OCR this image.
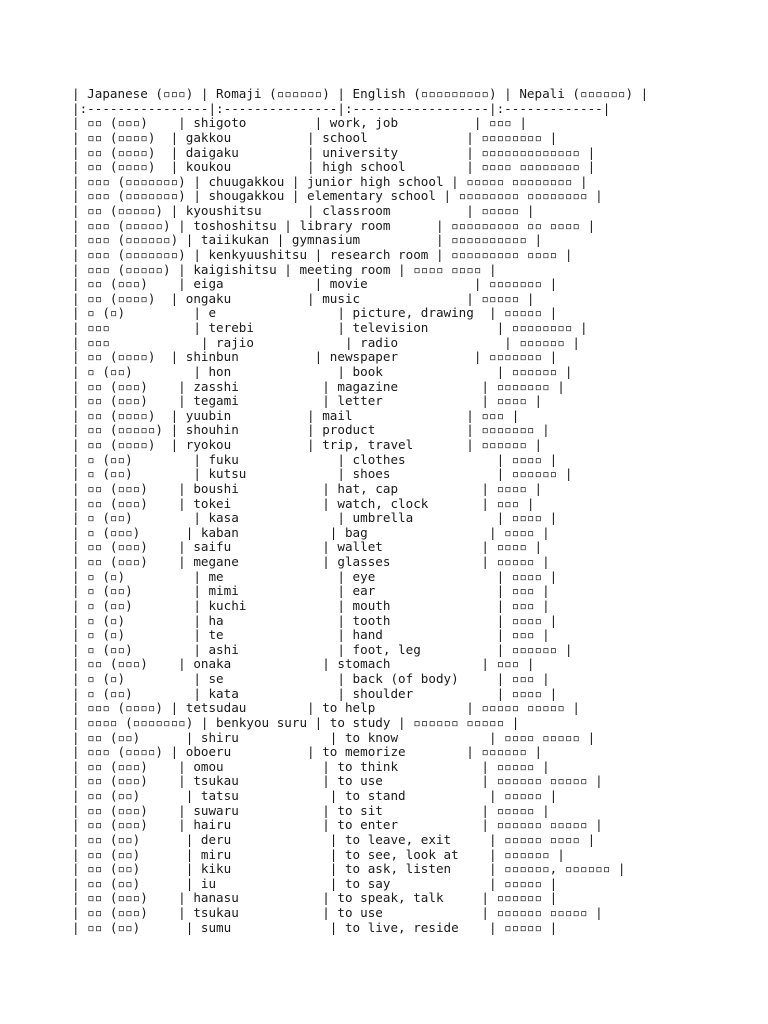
| Japanese (▫▫▫) | Romaji (▫▫▫▫▫▫) | English (▫▫▫▫▫▫▫▫▫) | Nepali (▫▫▫▫▫▫) |
|:----------------|:---------------|:------------------|:-------------|
| ▫▫ (▫▫▫)    | shigoto         | work, job          | ▫▫▫ |
| ▫▫ (▫▫▫▫)  | gakkou          | school             | ▫▫▫▫▫▫▫▫ |
| ▫▫ (▫▫▫▫)  | daigaku         | university         | ▫▫▫▫▫▫▫▫▫▫▫▫▫ |
| ▫▫ (▫▫▫▫)  | koukou          | high school        | ▫▫▫▫ ▫▫▫▫▫▫▫▫ |
| ▫▫▫ (▫▫▫▫▫▫▫) | chuugakkou | junior high school | ▫▫▫▫▫ ▫▫▫▫▫▫▫▫ |
| ▫▫▫ (▫▫▫▫▫▫▫) | shougakkou | elementary school | ▫▫▫▫▫▫▫▫ ▫▫▫▫▫▫▫▫ |
| ▫▫ (▫▫▫▫▫) | kyoushitsu      | classroom          | ▫▫▫▫▫ |
| ▫▫▫ (▫▫▫▫▫) | toshoshitsu | library room      | ▫▫▫▫▫▫▫▫▫ ▫▫ ▫▫▫▫ |
| ▫▫▫ (▫▫▫▫▫▫) | taiikukan | gymnasium          | ▫▫▫▫▫▫▫▫▫▫ |
| ▫▫▫ (▫▫▫▫▫▫▫) | kenkyuushitsu | research room | ▫▫▫▫▫▫▫▫▫ ▫▫▫▫ |
| ▫▫▫ (▫▫▫▫▫) | kaigishitsu | meeting room | ▫▫▫▫ ▫▫▫▫ |
| ▫▫ (▫▫▫)    | eiga            | movie              | ▫▫▫▫▫▫▫ |
| ▫▫ (▫▫▫▫)  | ongaku          | music              | ▫▫▫▫▫ |
| ▫ (▫)         | e                | picture, drawing  | ▫▫▫▫▫ |
| ▫▫▫           | terebi           | television         | ▫▫▫▫▫▫▫▫ |
| ▫▫▫            | rajio            | radio              | ▫▫▫▫▫▫ |
| ▫▫ (▫▫▫▫)  | shinbun          | newspaper          | ▫▫▫▫▫▫▫ |
| ▫ (▫▫)        | hon              | book               | ▫▫▫▫▫▫ |
| ▫▫ (▫▫▫)    | zasshi           | magazine           | ▫▫▫▫▫▫▫ |
| ▫▫ (▫▫▫)    | tegami           | letter             | ▫▫▫▫ |
| ▫▫ (▫▫▫▫)  | yuubin          | mail               | ▫▫▫ |
| ▫▫ (▫▫▫▫▫) | shouhin         | product            | ▫▫▫▫▫▫▫ |
| ▫▫ (▫▫▫▫)  | ryokou          | trip, travel       | ▫▫▫▫▫▫ |
| ▫ (▫▫)        | fuku             | clothes            | ▫▫▫▫ |
| ▫ (▫▫)        | kutsu            | shoes              | ▫▫▫▫▫▫ |
| ▫▫ (▫▫▫)    | boushi           | hat, cap           | ▫▫▫▫ |
| ▫▫ (▫▫▫)    | tokei            | watch, clock       | ▫▫▫ |
| ▫ (▫▫)        | kasa             | umbrella           | ▫▫▫▫ |
| ▫ (▫▫▫)      | kaban            | bag                | ▫▫▫▫ |
| ▫▫ (▫▫▫)    | saifu            | wallet             | ▫▫▫▫ |
| ▫▫ (▫▫▫)    | megane           | glasses            | ▫▫▫▫▫ |
| ▫ (▫)         | me               | eye                | ▫▫▫▫ |
| ▫ (▫▫)        | mimi             | ear                | ▫▫▫ |
| ▫ (▫▫)        | kuchi            | mouth              | ▫▫▫ |
| ▫ (▫)         | ha               | tooth              | ▫▫▫▫ |
| ▫ (▫)         | te               | hand               | ▫▫▫ |
| ▫ (▫▫)        | ashi             | foot, leg          | ▫▫▫▫▫▫ |
| ▫▫ (▫▫▫)    | onaka            | stomach            | ▫▫▫ |
| ▫ (▫)         | se               | back (of body)     | ▫▫▫ |
| ▫ (▫▫)        | kata             | shoulder           | ▫▫▫▫ |
| ▫▫▫ (▫▫▫▫) | tetsudau        | to help            | ▫▫▫▫▫ ▫▫▫▫▫ |
| ▫▫▫▫ (▫▫▫▫▫▫▫) | benkyou suru | to study | ▫▫▫▫▫▫ ▫▫▫▫▫ |
| ▫▫ (▫▫)      | shiru            | to know            | ▫▫▫▫ ▫▫▫▫▫ |
| ▫▫▫ (▫▫▫▫) | oboeru          | to memorize        | ▫▫▫▫▫▫ |
| ▫▫ (▫▫▫)    | omou             | to think           | ▫▫▫▫▫ |
| ▫▫ (▫▫▫)    | tsukau           | to use             | ▫▫▫▫▫▫ ▫▫▫▫▫ |
| ▫▫ (▫▫)      | tatsu            | to stand           | ▫▫▫▫▫ |
| ▫▫ (▫▫▫)    | suwaru           | to sit             | ▫▫▫▫▫ |
| ▫▫ (▫▫▫)    | hairu            | to enter           | ▫▫▫▫▫▫ ▫▫▫▫▫ |
| ▫▫ (▫▫)      | deru             | to leave, exit     | ▫▫▫▫▫ ▫▫▫▫ |
| ▫▫ (▫▫)      | miru             | to see, look at    | ▫▫▫▫▫▫ |
| ▫▫ (▫▫)      | kiku             | to ask, listen     | ▫▫▫▫▫▫, ▫▫▫▫▫▫ |
| ▫▫ (▫▫)      | iu               | to say             | ▫▫▫▫▫ |
| ▫▫ (▫▫▫)    | hanasu           | to speak, talk     | ▫▫▫▫▫▫ |
| ▫▫ (▫▫▫)    | tsukau           | to use             | ▫▫▫▫▫▫ ▫▫▫▫▫ |
| ▫▫ (▫▫)      | sumu             | to live, reside    | ▫▫▫▫▫ |
